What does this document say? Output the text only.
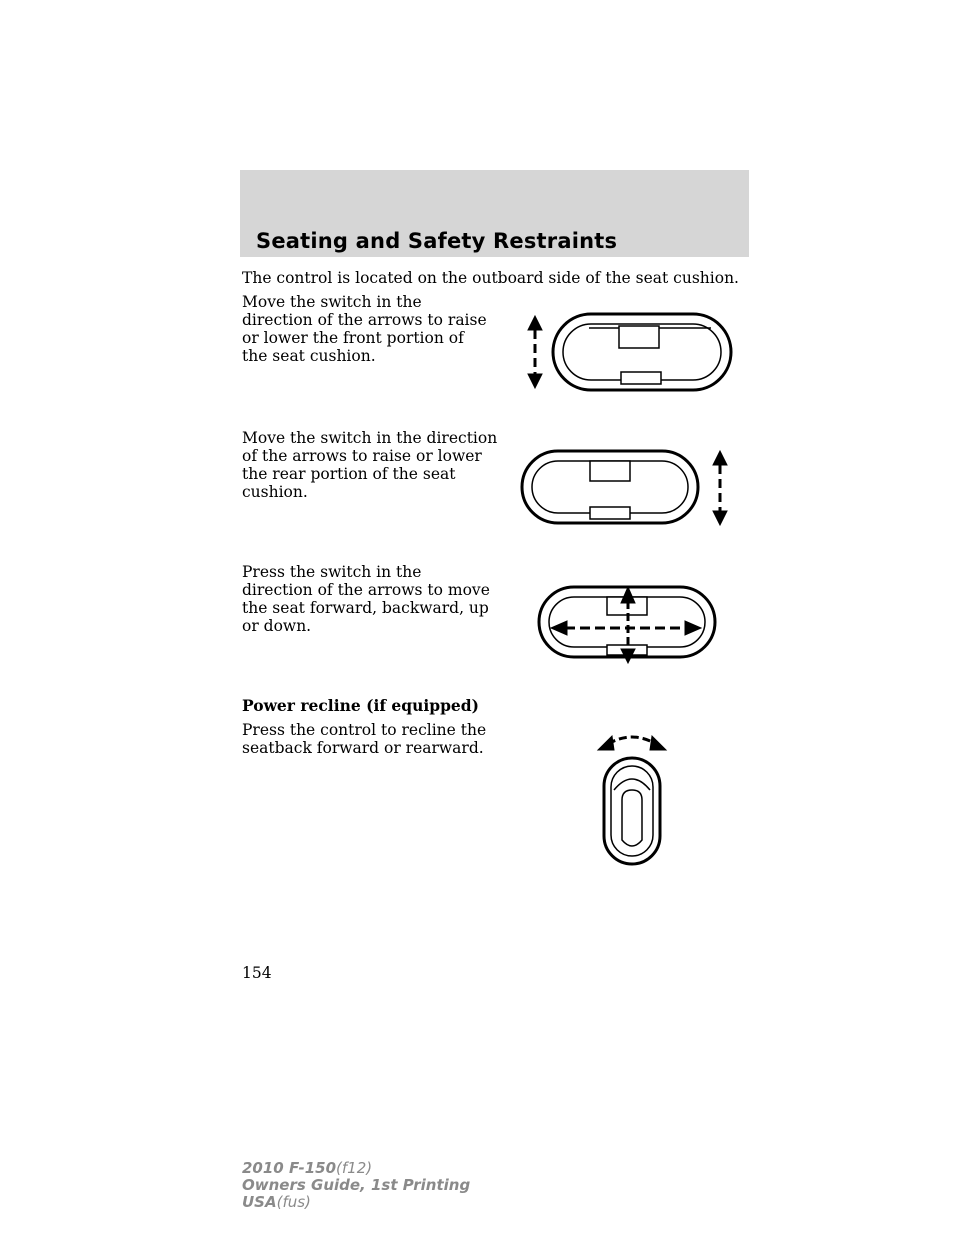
Seating and Safety Restraints
The control is located on the outboard side of the seat cushion.
Move the switch in the direction of the arrows to raise or lower the front portion of the seat cushion.
Move the switch in the direction of the arrows to raise or lower the rear portion of the seat cushion.
Press the switch in the direction of the arrows to move the seat forward, backward, up or down.
Power recline (if equipped)
Press the control to recline the seatback forward or rearward.
154
2010 F-150(f12)
Owners Guide, 1st Printing
USA(fus)
